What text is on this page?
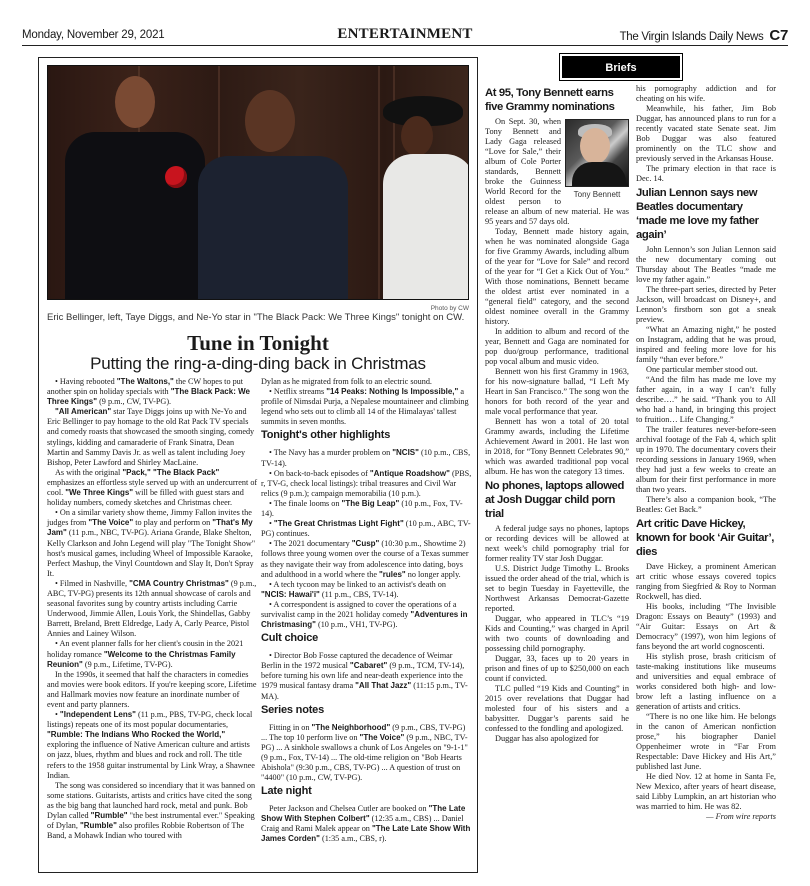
Monday, November 29, 2021	ENTERTAINMENT	The Virgin Islands Daily News C7
Photo by CW
Eric Bellinger, left, Taye Diggs, and Ne-Yo star in "The Black Pack: We Three Kings" tonight on CW.
Tune in Tonight
Putting the ring-a-ding-ding back in Christmas

• Having rebooted "The Waltons," the CW hopes to put another spin on holiday specials with "The Black Pack: We Three Kings" (9 p.m., CW, TV-PG).

"All American" star Taye Diggs joins up with Ne-Yo and Eric Bellinger to pay homage to the old Rat Pack TV specials and comedy roasts that showcased the smooth singing, comedy stylings, kidding and camaraderie of Frank Sinatra, Dean Martin and Sammy Davis Jr. as well as talent including Joey Bishop, Peter Lawford and Shirley MacLaine.

As with the original "Pack," "The Black Pack" emphasizes an effortless style served up with an undercurrent of cool. "We Three Kings" will be filled with guest stars and holiday numbers, comedy sketches and Christmas cheer.

• On a similar variety show theme, Jimmy Fallon invites the judges from "The Voice" to play and perform on "That's My Jam" (11 p.m., NBC, TV-PG). Ariana Grande, Blake Shelton, Kelly Clarkson and John Legend will play "The Tonight Show" host's musical games, including Wheel of Impossible Karaoke, Perfect Mashup, the Vinyl Countdown and Slay It, Don't Spray It.

• Filmed in Nashville, "CMA Country Christmas" (9 p.m., ABC, TV-PG) presents its 12th annual showcase of carols and seasonal favorites sung by country artists including Carrie Underwood, Jimmie Allen, Louis York, the Shindellas, Gabby Barrett, Breland, Brett Eldredge, Lady A, Carly Pearce, Pistol Annies and Lainey Wilson.

• An event planner falls for her client's cousin in the 2021 holiday romance "Welcome to the Christmas Family Reunion" (9 p.m., Lifetime, TV-PG).

In the 1990s, it seemed that half the characters in comedies and movies were book editors. If you're keeping score, Lifetime and Hallmark movies now feature an inordinate number of event and party planners.

• "Independent Lens" (11 p.m., PBS, TV-PG, check local listings) repeats one of its most popular documentaries, "Rumble: The Indians Who Rocked the World," exploring the influence of Native American culture and artists on jazz, blues, rhythm and blues and rock and roll. The title refers to the 1958 guitar instrumental by Link Wray, a Shawnee Indian.

The song was considered so incendiary that it was banned on some stations. Guitarists, artists and critics have cited the song as the big bang that launched hard rock, metal and punk. Bob Dylan called "Rumble" "the best instrumental ever." Speaking of Dylan, "Rumble" also profiles Robbie Robertson of The Band, a Mohawk Indian who toured with

Dylan as he migrated from folk to an electric sound.

• Netflix streams "14 Peaks: Nothing Is Impossible," a profile of Nimsdai Purja, a Nepalese mountaineer and climbing legend who sets out to climb all 14 of the Himalayas' tallest summits in seven months.

Tonight's other highlights

• The Navy has a murder problem on "NCIS" (10 p.m., CBS, TV-14).

• On back-to-back episodes of "Antique Roadshow" (PBS, r, TV-G, check local listings): tribal treasures and Civil War relics (9 p.m.); campaign memorabilia (10 p.m.).

• The finale looms on "The Big Leap" (10 p.m., Fox, TV-14).

• "The Great Christmas Light Fight" (10 p.m., ABC, TV-PG) continues.

• The 2021 documentary "Cusp" (10:30 p.m., Showtime 2) follows three young women over the course of a Texas summer as they navigate their way from adolescence into dating, boys and adulthood in a world where the "rules" no longer apply.

• A tech tycoon may be linked to an activist's death on "NCIS: Hawai'i" (11 p.m., CBS, TV-14).

• A correspondent is assigned to cover the operations of a survivalist camp in the 2021 holiday comedy "Adventures in Christmasing" (10 p.m., VH1, TV-PG).

Cult choice

• Director Bob Fosse captured the decadence of Weimar Berlin in the 1972 musical "Cabaret" (9 p.m., TCM, TV-14), before turning his own life and near-death experience into the 1979 musical fantasy drama "All That Jazz" (11:15 p.m., TV-MA).

Series notes

Fitting in on "The Neighborhood" (9 p.m., CBS, TV-PG) ... The top 10 perform live on "The Voice" (9 p.m., NBC, TV-PG) ... A sinkhole swallows a chunk of Los Angeles on "9-1-1" (9 p.m., Fox, TV-14) ... The old-time religion on "Bob Hearts Abishola" (9:30 p.m., CBS, TV-PG) ... A question of trust on "4400" (10 p.m., CW, TV-PG).

Late night

Peter Jackson and Chelsea Cutler are booked on "The Late Show With Stephen Colbert" (12:35 a.m., CBS) ... Daniel Craig and Rami Malek appear on "The Late Late Show With James Corden" (1:35 a.m., CBS, r).

Briefs
At 95, Tony Bennett earns five Grammy nominations
Tony Bennett

On Sept. 30, when Tony Bennett and Lady Gaga released “Love for Sale,” their album of Cole Porter standards, Bennett broke the Guinness World Record for the oldest person to release an album of new material. He was 95 years and 57 days old.

Today, Bennett made history again, when he was nominated alongside Gaga for five Grammy Awards, including album of the year for “Love for Sale” and record of the year for “I Get a Kick Out of You.” With those nominations, Bennett became the oldest artist ever nominated in a “general field” category, and the second oldest nominee overall in the Grammy history.

In addition to album and record of the year, Bennett and Gaga are nominated for pop duo/group performance, traditional pop vocal album and music video.

Bennett won his first Grammy in 1963, for his now-signature ballad, “I Left My Heart in San Francisco.” The song won the honors for both record of the year and male vocal performance that year.

Bennett has won a total of 20 total Grammy awards, including the Lifetime Achievement Award in 2001. He last won in 2018, for “Tony Bennett Celebrates 90,” which was awarded traditional pop vocal album. He has won the category 13 times.

No phones, laptops allowed at Josh Duggar child porn trial

A federal judge says no phones, laptops or recording devices will be allowed at next week’s child pornography trial for former reality TV star Josh Duggar.

U.S. District Judge Timothy L. Brooks issued the order ahead of the trial, which is set to begin Tuesday in Fayetteville, the Northwest Arkansas Democrat-Gazette reported.

Duggar, who appeared in TLC’s “19 Kids and Counting,” was charged in April with two counts of downloading and possessing child pornography.

Duggar, 33, faces up to 20 years in prison and fines of up to $250,000 on each count if convicted.

TLC pulled “19 Kids and Counting” in 2015 over revelations that Duggar had molested four of his sisters and a babysitter. Duggar’s parents said he confessed to the fondling and apologized.

Duggar has also apologized for

his pornography addiction and for cheating on his wife.

Meanwhile, his father, Jim Bob Duggar, has announced plans to run for a recently vacated state Senate seat. Jim Bob Duggar was also featured prominently on the TLC show and previously served in the Arkansas House.

The primary election in that race is Dec. 14.

Julian Lennon says new Beatles documentary ‘made me love my father again’

John Lennon’s son Julian Lennon said the new documentary coming out Thursday about The Beatles “made me love my father again.”

The three-part series, directed by Peter Jackson, will broadcast on Disney+, and Lennon’s firstborn son got a sneak preview.

“What an Amazing night,” he posted on Instagram, adding that he was proud, inspired and feeling more love for his family “than ever before.”

One particular member stood out.

“And the film has made me love my father again, in a way I can’t fully describe….” he said. “Thank you to All who had a hand, in bringing this project to fruition… Life Changing.”

The trailer features never-before-seen archival footage of the Fab 4, which split up in 1970. The documentary covers their recording sessions in January 1969, when they had just a few weeks to create an album for their first performance in more than two years.

There’s also a companion book, “The Beatles: Get Back.”

Art critic Dave Hickey, known for book ‘Air Guitar’, dies

Dave Hickey, a prominent American art critic whose essays covered topics ranging from Siegfried & Roy to Norman Rockwell, has died.

His books, including “The Invisible Dragon: Essays on Beauty” (1993) and “Air Guitar: Essays on Art & Democracy” (1997), won him legions of fans beyond the art world cognoscenti.

His stylish prose, brash criticism of taste-making institutions like museums and universities and equal embrace of works considered both high- and low-brow left a lasting influence on a generation of artists and critics.

“There is no one like him. He belongs in the canon of American nonfiction prose,” his biographer Daniel Oppenheimer wrote in “Far From Respectable: Dave Hickey and His Art,” published last June.

He died Nov. 12 at home in Santa Fe, New Mexico, after years of heart disease, said Libby Lumpkin, an art historian who was married to him. He was 82.

— From wire reports
